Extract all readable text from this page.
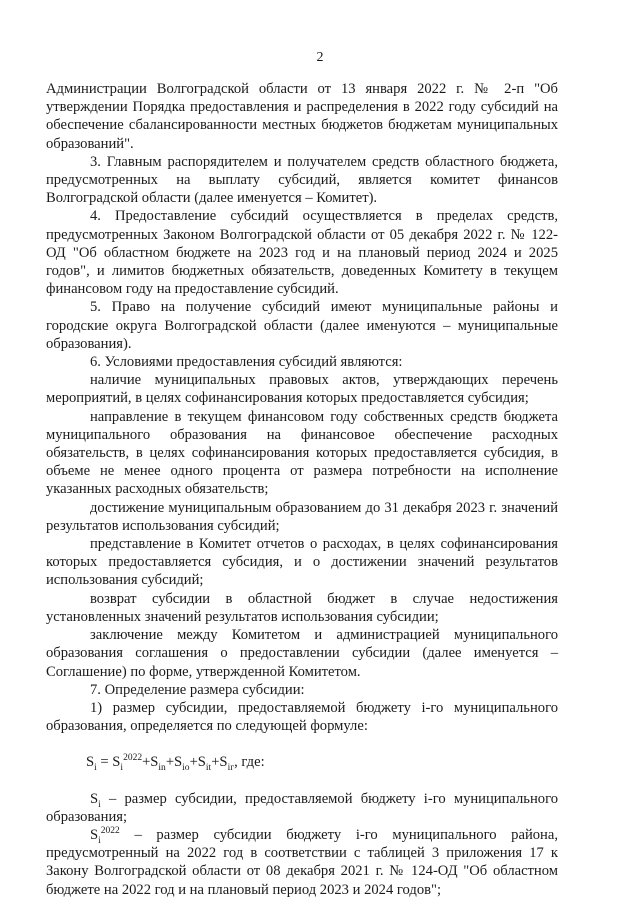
2

Администрации Волгоградской области от 13 января 2022 г. № 2-п "Об утверждении Порядка предоставления и распределения в 2022 году субсидий на обеспечение сбалансированности местных бюджетов бюджетам муниципальных образований".

3. Главным распорядителем и получателем средств областного бюджета, предусмотренных на выплату субсидий, является комитет финансов Волгоградской области (далее именуется – Комитет).

4. Предоставление субсидий осуществляется в пределах средств, предусмотренных Законом Волгоградской области от 05 декабря 2022 г. № 122-ОД "Об областном бюджете на 2023 год и на плановый период 2024 и 2025 годов", и лимитов бюджетных обязательств, доведенных Комитету в текущем финансовом году на предоставление субсидий.

5. Право на получение субсидий имеют муниципальные районы и городские округа Волгоградской области (далее именуются – муниципальные образования).

6. Условиями предоставления субсидий являются:

наличие муниципальных правовых актов, утверждающих перечень мероприятий, в целях софинансирования которых предоставляется субсидия;

направление в текущем финансовом году собственных средств бюджета муниципального образования на финансовое обеспечение расходных обязательств, в целях софинансирования которых предоставляется субсидия, в объеме не менее одного процента от размера потребности на исполнение указанных расходных обязательств;

достижение муниципальным образованием до 31 декабря 2023 г. значений результатов использования субсидий;

представление в Комитет отчетов о расходах, в целях софинансирования которых предоставляется субсидия, и о достижении значений результатов использования субсидий;

возврат субсидии в областной бюджет в случае недостижения установленных значений результатов использования субсидии;

заключение между Комитетом и администрацией муниципального образования соглашения о предоставлении субсидии (далее именуется – Соглашение) по форме, утвержденной Комитетом.

7. Определение размера субсидии:

1) размер субсидии, предоставляемой бюджету i-го муниципального образования, определяется по следующей формуле:

$S_i = S_i^{2022}+S_{in}+S_{io}+S_{it}+S_{iг}$, где:

$S_i$ – размер субсидии, предоставляемой бюджету i-го муниципального образования;

$S_i^{2022}$ – размер субсидии бюджету i-го муниципального района, предусмотренный на 2022 год в соответствии с таблицей 3 приложения 17 к Закону Волгоградской области от 08 декабря 2021 г. № 124-ОД "Об областном бюджете на 2022 год и на плановый период 2023 и 2024 годов";
